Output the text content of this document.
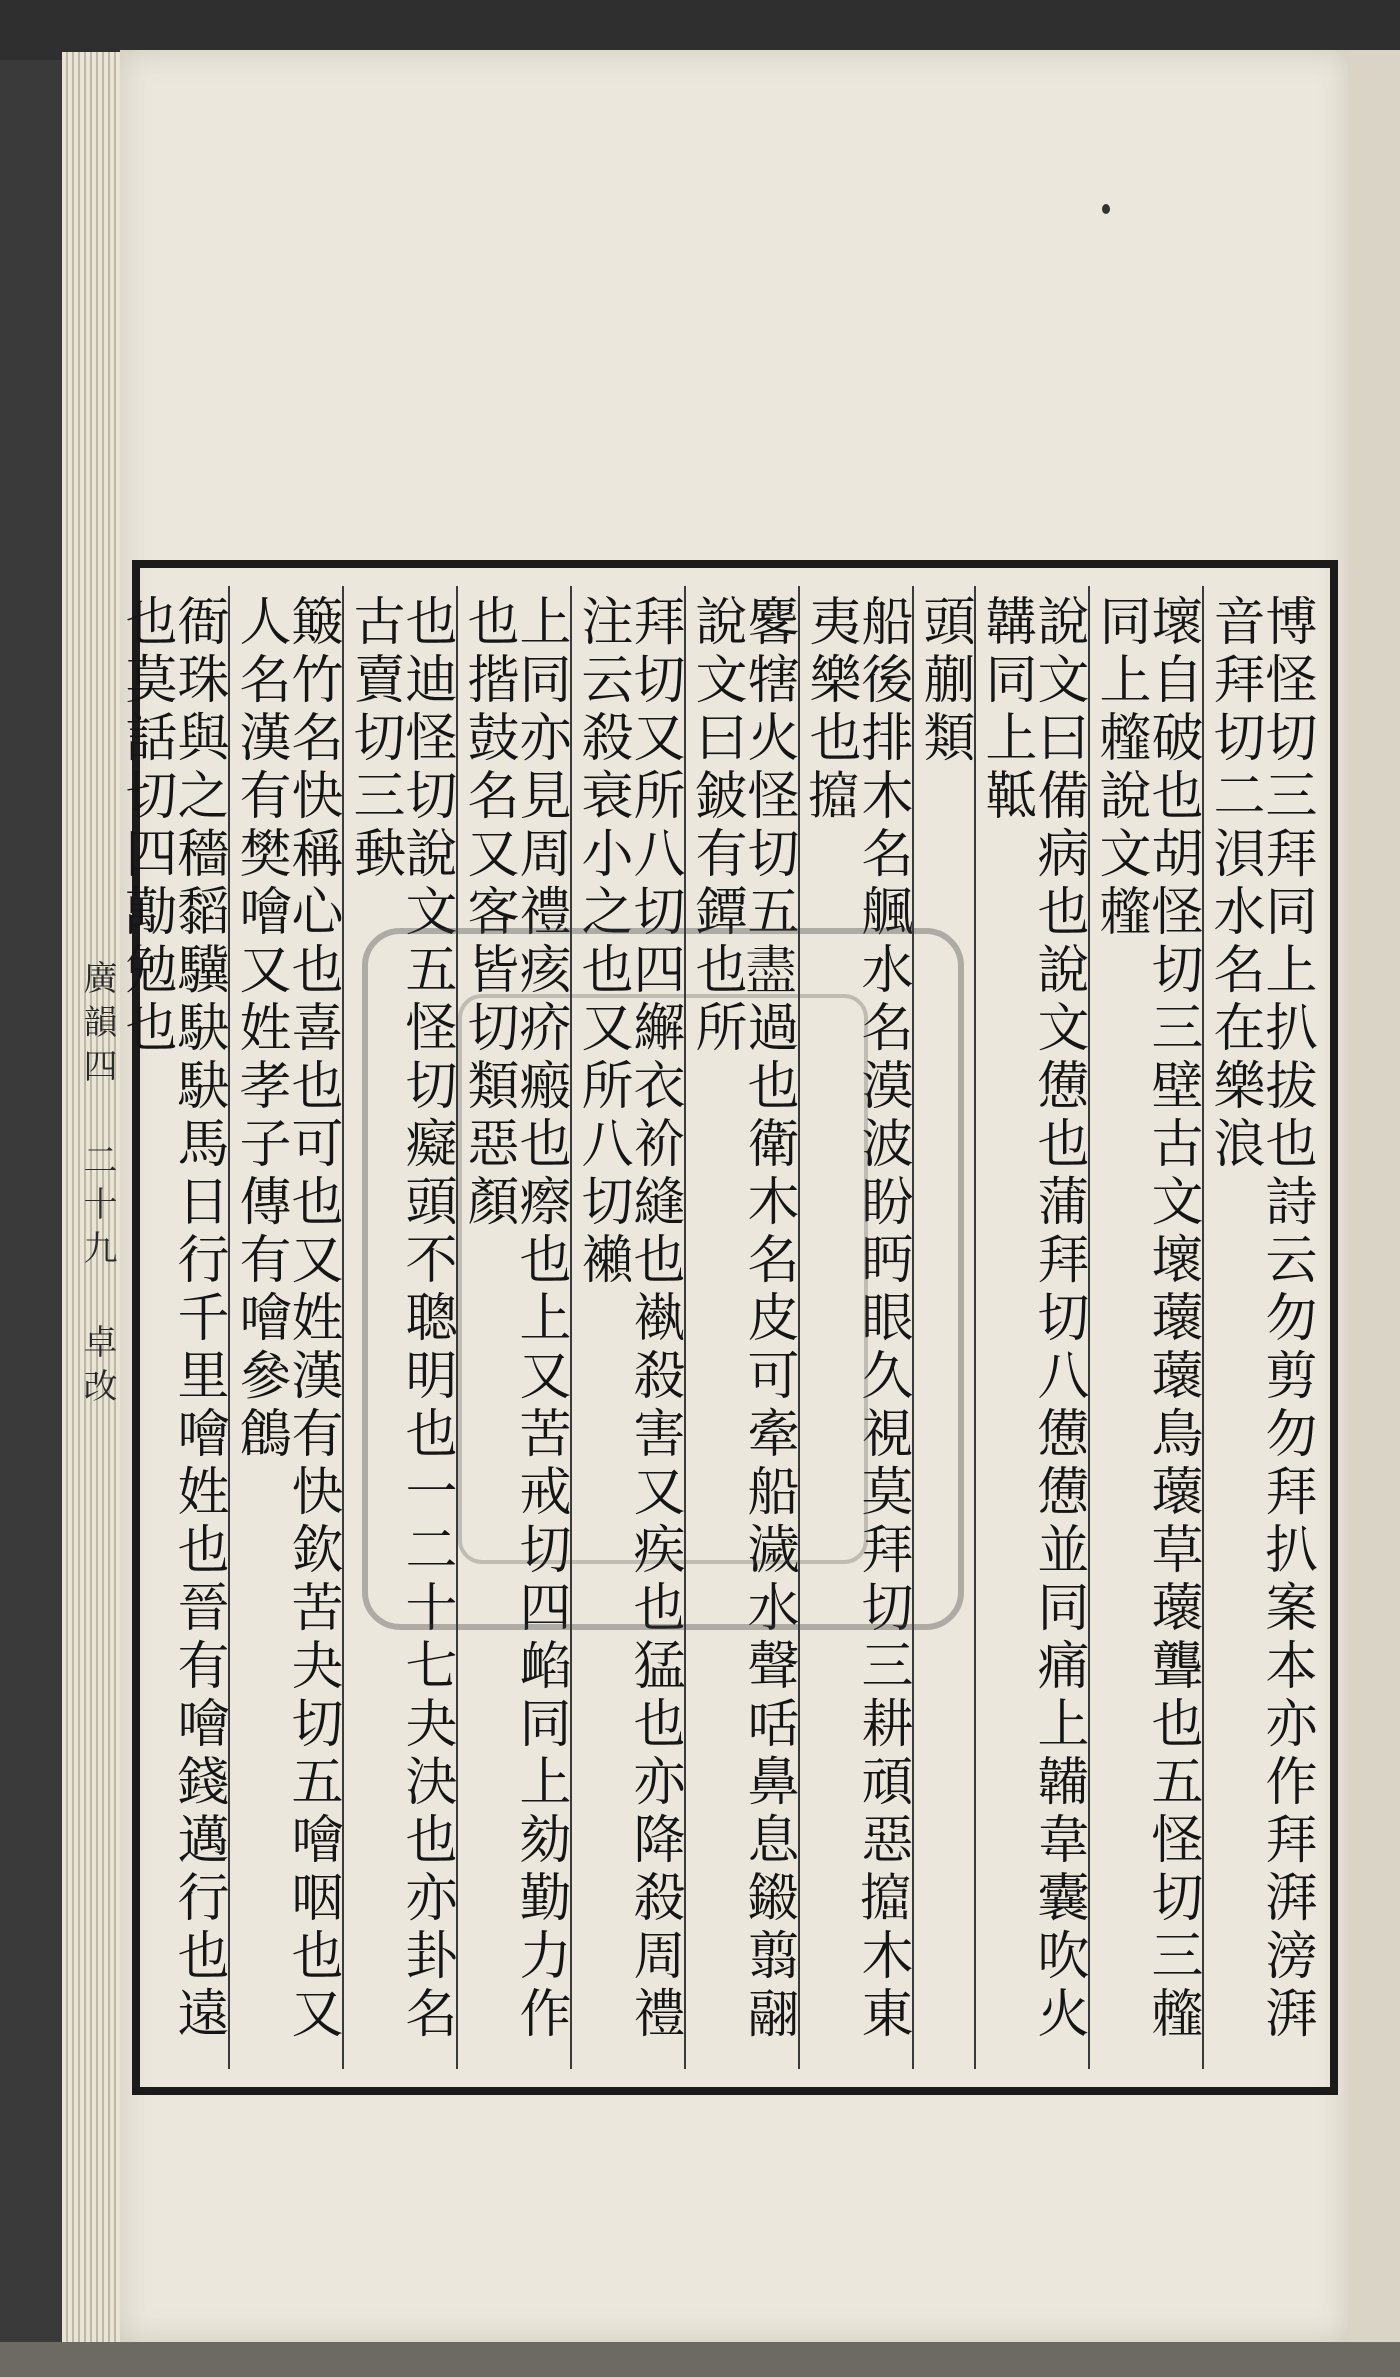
博怪切三拜同上扒拔也詩云勿剪勿拜扒案本亦作拜湃滂湃音拜切二浿水名在樂浪
壞自破也胡怪切三壁古文壞蘾蘾鳥蘾草蘾聾也五怪切三䪣同上䪣說文䪣
說文曰備病也說文憊也蒲拜切八憊憊並同痛上韛韋囊吹火韝同上䩚
頭蒯類
船後排木名䑺水名漠波盼眄眼久視莫拜切三耕頑惡𢷈木東夷樂也𢷈
𪊲犗火怪切五𧗊過也衛木名皮可牽船濊水聲咶鼻息鎩翦翮說文曰鈹有鐔也所
拜切又所八切四繲衣衸縫也褹殺害又疾也猛也亦降殺周禮注云殺衰小之也又所八切襰
上同亦見周禮痎疥瘢也瘵也上又苦戒切四䘓同上劾勤力作也揩鼓名又客皆切類惡顏
也迪怪切說文五怪切癡頭不聰明也一二十七夬決也亦卦名古賣切三𡙇
簸竹名快稱心也喜也可也又姓漢有快欽苦夬切五噲咽也又人名漢有樊噲又姓孝子傳有噲參鶬
衙珠與之穡䵚驥駃駃馬日行千里噲姓也晉有噲錢邁行也遠也莫話切四勱勉也
廣韻四 二十九 卓改
